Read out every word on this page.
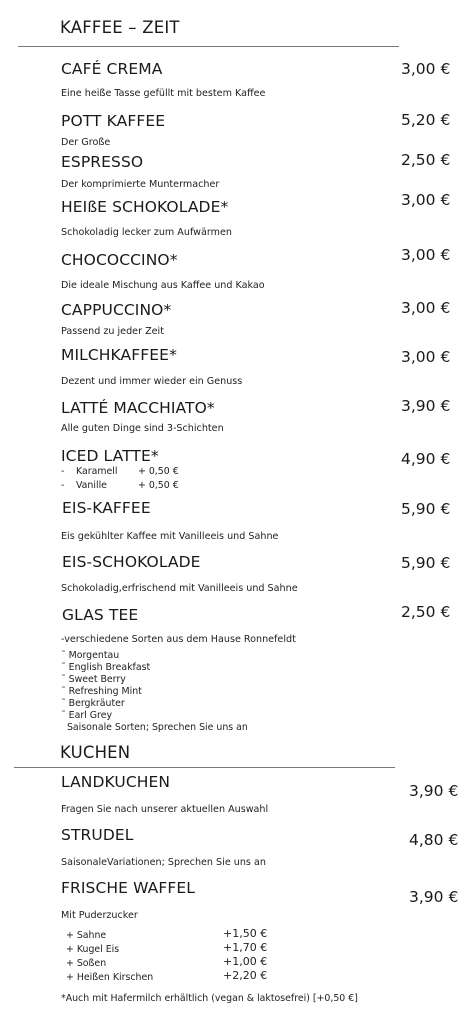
KAFFEE – ZEIT
CAFÉ CREMA	3,00 €
Eine heiße Tasse gefüllt mit bestem Kaffee
POTT KAFFEE	5,20 €
Der Große
ESPRESSO	2,50 €
Der komprimierte Muntermacher
HEIßE SCHOKOLADE*	3,00 €
Schokoladig lecker zum Aufwärmen
CHOCOCCINO*	3,00 €
Die ideale Mischung aus Kaffee und Kakao
CAPPUCCINO*	3,00 €
Passend zu jeder Zeit
MILCHKAFFEE*	3,00 €
Dezent und immer wieder ein Genuss
LATTÉ MACCHIATO*	3,90 €
Alle guten Dinge sind 3-Schichten
ICED LATTE*	4,90 €
- Karamell + 0,50 €
- Vanille	+ 0,50 €
EIS-KAFFEE	5,90 €
Eis gekühlter Kaffee mit Vanilleeis und Sahne
EIS-SCHOKOLADE	5,90 €
Schokoladig,erfrischend mit Vanilleeis und Sahne
GLAS TEE	2,50 €
-verschiedene Sorten aus dem Hause Ronnefeldt
˜ Morgentau
˜ English Breakfast
˜ Sweet Berry
˜ Refreshing Mint
˜ Bergkräuter
˜ Earl Grey
Saisonale Sorten; Sprechen Sie uns an
KUCHEN
LANDKUCHEN	3,90 €
Fragen Sie nach unserer aktuellen Auswahl
STRUDEL	4,80 €
SaisonaleVariationen; Sprechen Sie uns an
FRISCHE WAFFEL	3,90 €
Mit Puderzucker
+ Sahne	+1,50 €
+ Kugel Eis	+1,70 €
+ Soßen	+1,00 €
+ Heißen Kirschen	+2,20 €
*Auch mit Hafermilch erhältlich (vegan & laktosefrei) [+0,50 €]
